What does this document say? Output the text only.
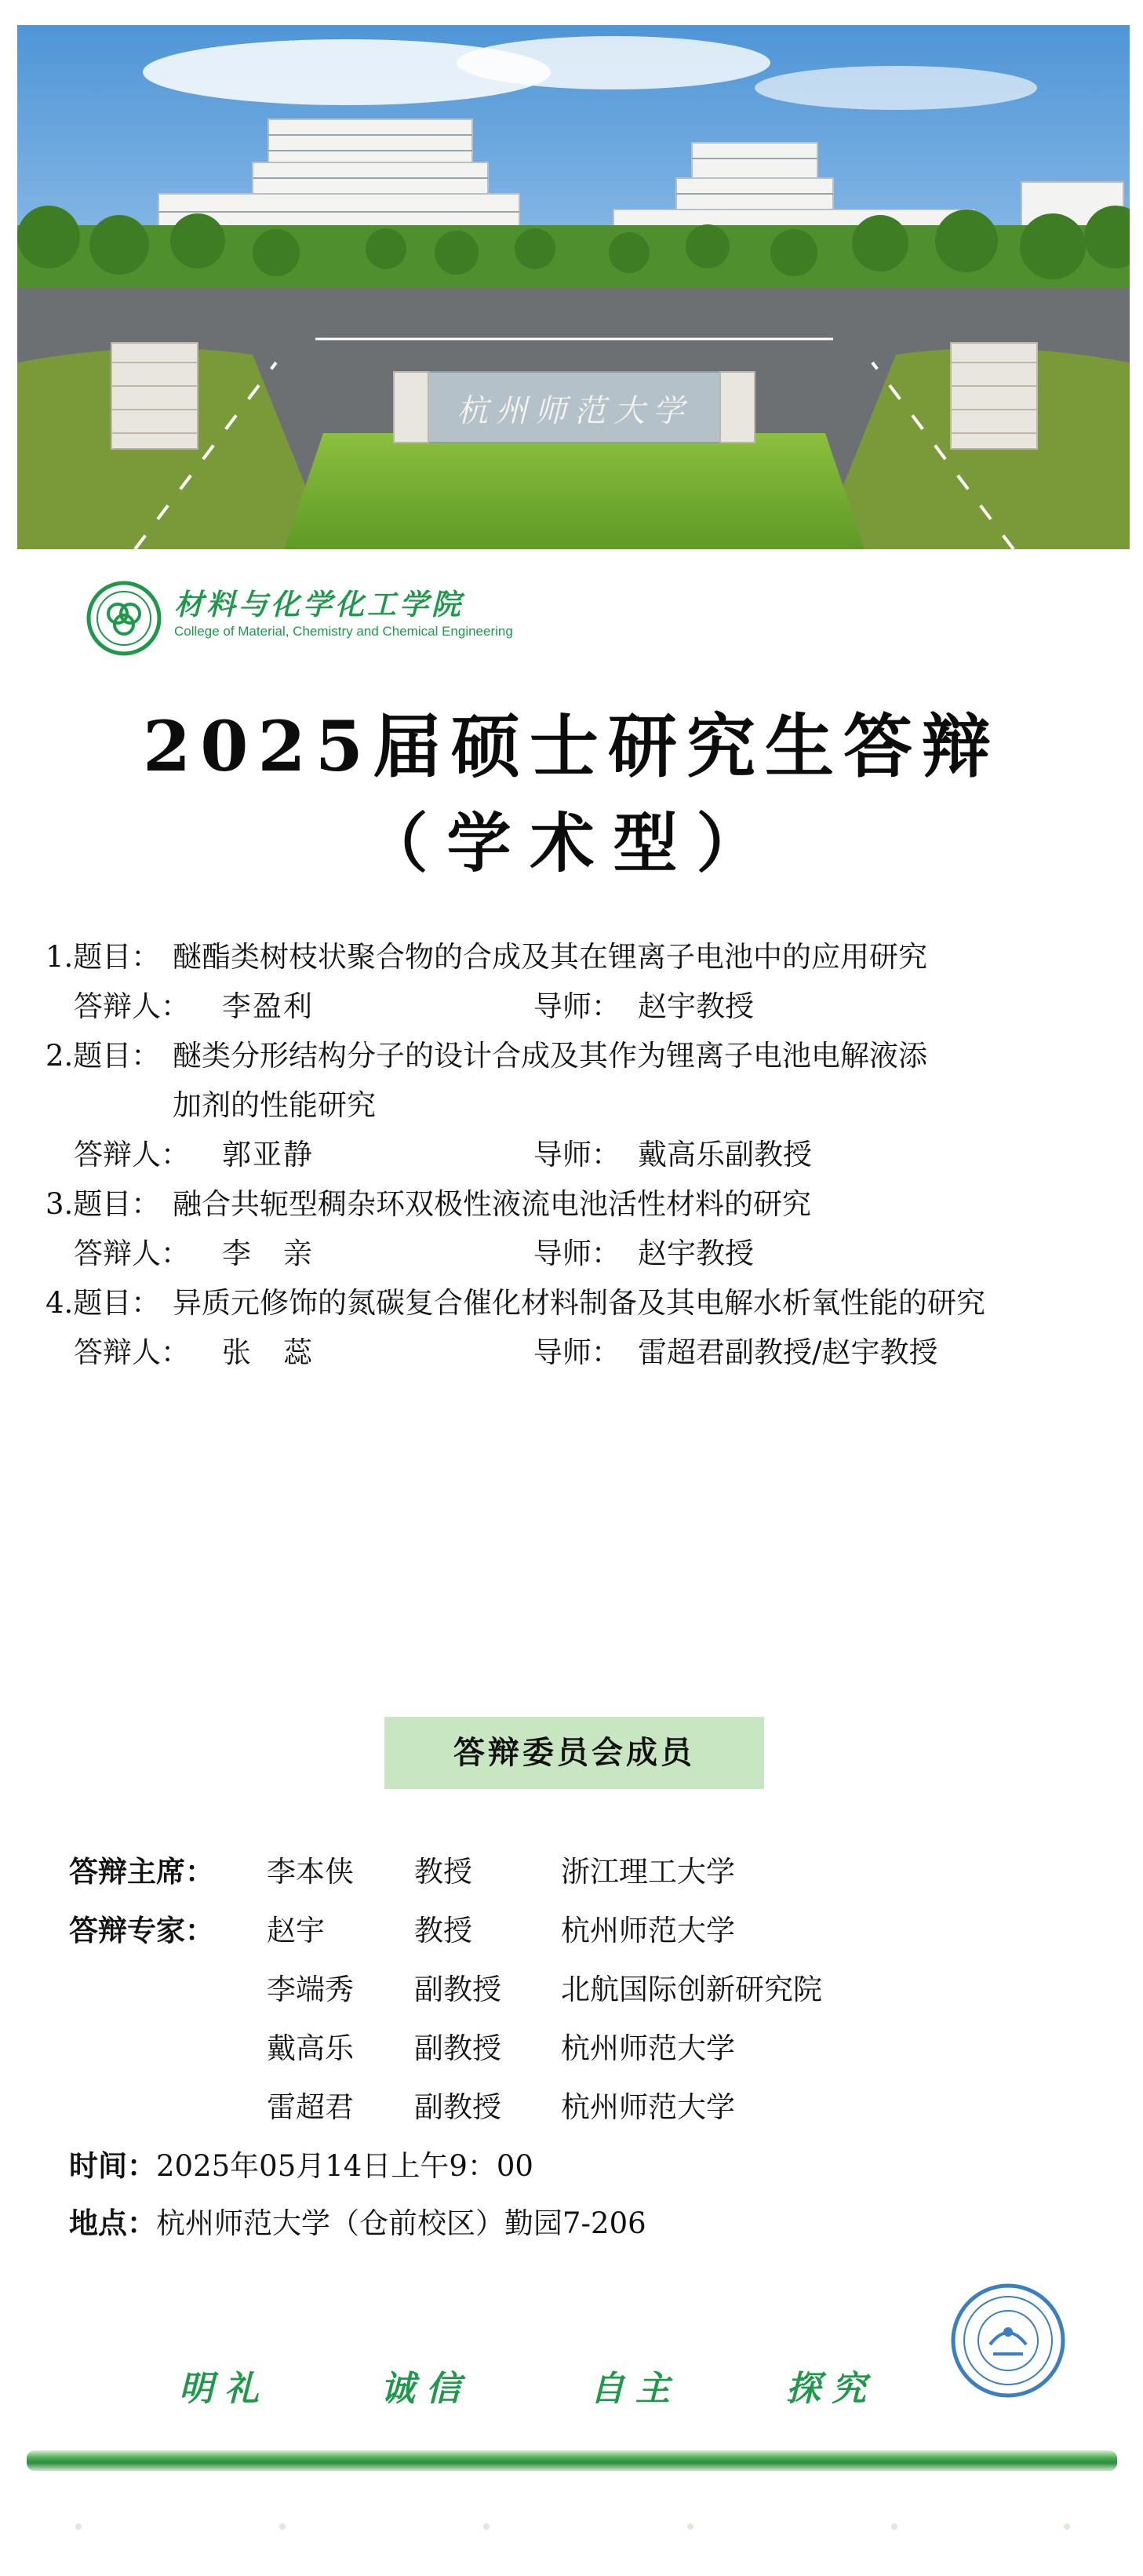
杭州师范大学
材料与化学化工学院
College of Material, Chemistry and Chemical Engineering
2025届硕士研究生答辩
（学术型）
1.题目： 醚酯类树枝状聚合物的合成及其在锂离子电池中的应用研究
答辩人： 李盈利	导师： 赵宇教授
2.题目： 醚类分形结构分子的设计合成及其作为锂离子电池电解液添
加剂的性能研究
答辩人： 郭亚静	导师： 戴高乐副教授
3.题目： 融合共轭型稠杂环双极性液流电池活性材料的研究
答辩人： 李　亲	导师： 赵宇教授
4.题目： 异质元修饰的氮碳复合催化材料制备及其电解水析氧性能的研究
答辩人： 张　蕊	导师： 雷超君副教授/赵宇教授
答辩委员会成员
答辩主席： 李本侠 教授	浙江理工大学
答辩专家： 赵宇	教授	杭州师范大学
李端秀 副教授 北航国际创新研究院
戴高乐 副教授 杭州师范大学
雷超君 副教授 杭州师范大学
时间：2025年05月14日上午9：00
地点：杭州师范大学（仓前校区）勤园7-206
明礼	诚信	自主	探究
